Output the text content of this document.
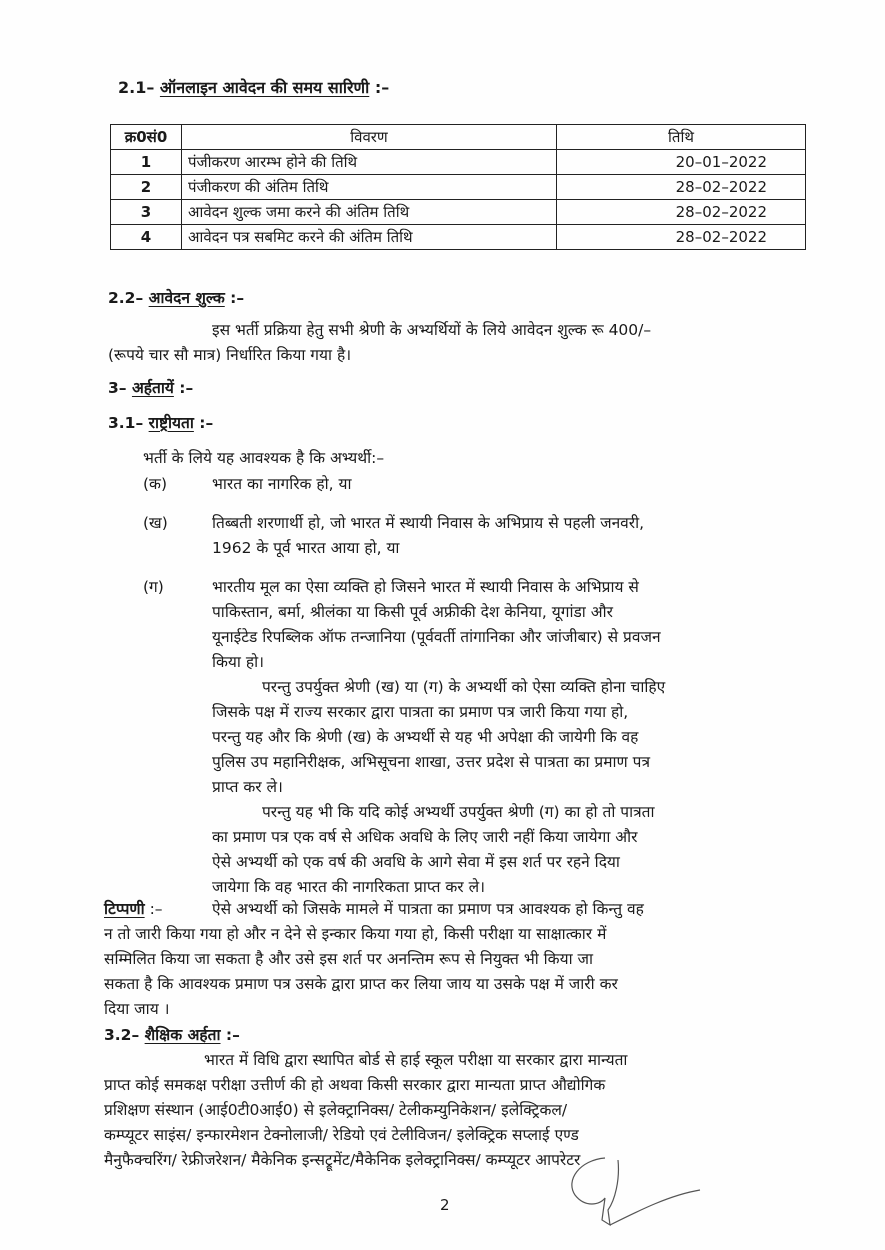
2.1– ऑनलाइन आवेदन की समय सारिणी :–
क्र0सं0	विवरण	तिथि
1	पंजीकरण आरम्भ होने की तिथि	20–01–2022
2	पंजीकरण की अंतिम तिथि	28–02–2022
3	आवेदन शुल्क जमा करने की अंतिम तिथि	28–02–2022
4	आवेदन पत्र सबमिट करने की अंतिम तिथि	28–02–2022
2.2– आवेदन शुल्क :–
इस भर्ती प्रक्रिया हेतु सभी श्रेणी के अभ्यर्थियों के लिये आवेदन शुल्क रू 400/–
(रूपये चार सौ मात्र) निर्धारित किया गया है।
3– अर्हतायें :–
3.1– राष्ट्रीयता :–
भर्ती के लिये यह आवश्यक है कि अभ्यर्थी:–
(क)	भारत का नागरिक हो, या
(ख)	तिब्बती शरणार्थी हो, जो भारत में स्थायी निवास के अभिप्राय से पहली जनवरी,
1962 के पूर्व भारत आया हो, या
(ग)	भारतीय मूल का ऐसा व्यक्ति हो जिसने भारत में स्थायी निवास के अभिप्राय से
पाकिस्तान, बर्मा, श्रीलंका या किसी पूर्व अफ्रीकी देश केनिया, यूगांडा और
यूनाईटेड रिपब्लिक ऑफ तन्जानिया (पूर्ववर्ती तांगानिका और जांजीबार) से प्रवजन
किया हो।
परन्तु उपर्युक्त श्रेणी (ख) या (ग) के अभ्यर्थी को ऐसा व्यक्ति होना चाहिए
जिसके पक्ष में राज्य सरकार द्वारा पात्रता का प्रमाण पत्र जारी किया गया हो,
परन्तु यह और कि श्रेणी (ख) के अभ्यर्थी से यह भी अपेक्षा की जायेगी कि वह
पुलिस उप महानिरीक्षक, अभिसूचना शाखा, उत्तर प्रदेश से पात्रता का प्रमाण पत्र
प्राप्त कर ले।
परन्तु यह भी कि यदि कोई अभ्यर्थी उपर्युक्त श्रेणी (ग) का हो तो पात्रता
का प्रमाण पत्र एक वर्ष से अधिक अवधि के लिए जारी नहीं किया जायेगा और
ऐसे अभ्यर्थी को एक वर्ष की अवधि के आगे सेवा में इस शर्त पर रहने दिया
जायेगा कि वह भारत की नागरिकता प्राप्त कर ले।
टिप्पणी :–	ऐसे अभ्यर्थी को जिसके मामले में पात्रता का प्रमाण पत्र आवश्यक हो किन्तु वह
न तो जारी किया गया हो और न देने से इन्कार किया गया हो, किसी परीक्षा या साक्षात्कार में
सम्मिलित किया जा सकता है और उसे इस शर्त पर अनन्तिम रूप से नियुक्त भी किया जा
सकता है कि आवश्यक प्रमाण पत्र उसके द्वारा प्राप्त कर लिया जाय या उसके पक्ष में जारी कर
दिया जाय ।
3.2– शैक्षिक अर्हता :–
भारत में विधि द्वारा स्थापित बोर्ड से हाई स्कूल परीक्षा या सरकार द्वारा मान्यता
प्राप्त कोई समकक्ष परीक्षा उत्तीर्ण की हो अथवा किसी सरकार द्वारा मान्यता प्राप्त औद्योगिक
प्रशिक्षण संस्थान (आई0टी0आई0) से इलेक्ट्रानिक्स/ टेलीकम्युनिकेशन/ इलेक्ट्रिकल/
कम्प्यूटर साइंस/ इन्फारमेशन टेक्नोलाजी/ रेडियो एवं टेलीविजन/ इलेक्ट्रिक सप्लाई एण्ड
मैनुफैक्चरिंग/ रेफ्रीजरेशन/ मैकेनिक इन्सट्रूमेंट/मैकेनिक इलेक्ट्रानिक्स/ कम्प्यूटर आपरेटर
2
